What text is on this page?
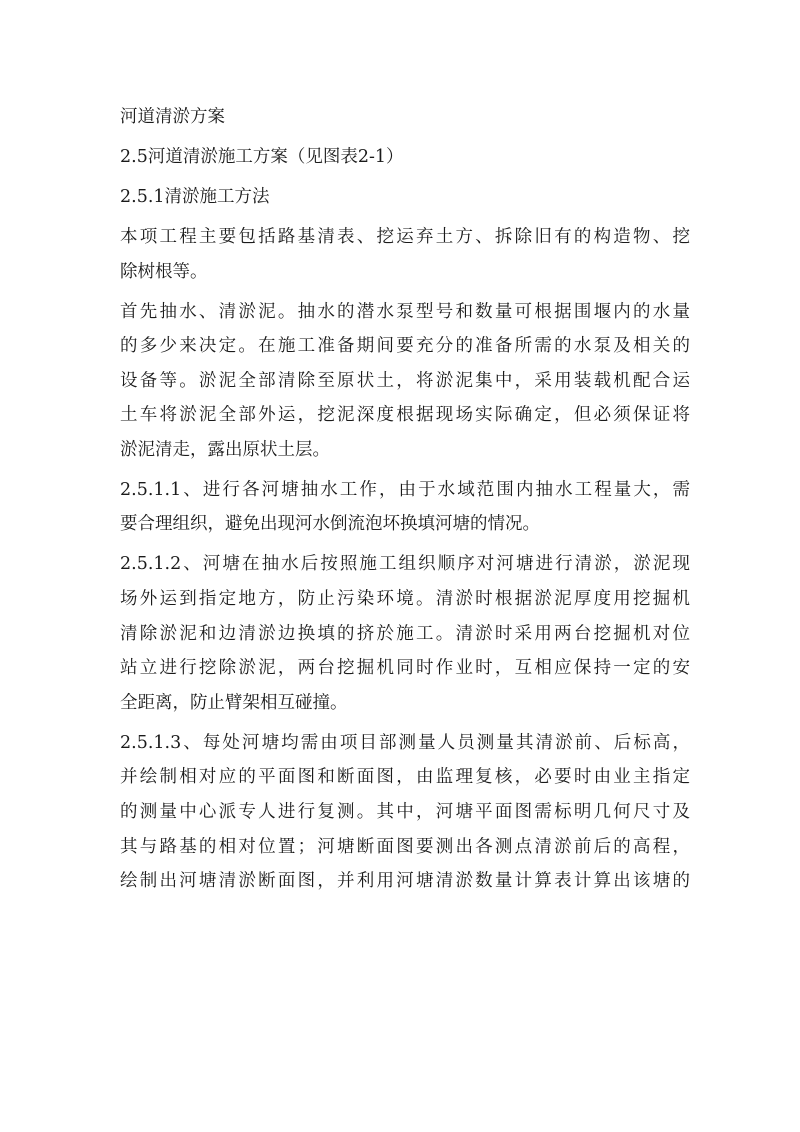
河道清淤方案

2.5河道清淤施工方案（见图表2-1）

2.5.1清淤施工方法

本项工程主要包括路基清表、挖运弃土方、拆除旧有的构造物、挖
除树根等。
首先抽水、清淤泥。抽水的潜水泵型号和数量可根据围堰内的水量
的多少来决定。在施工准备期间要充分的准备所需的水泵及相关的
设备等。淤泥全部清除至原状土，将淤泥集中，采用装载机配合运
土车将淤泥全部外运，挖泥深度根据现场实际确定，但必须保证将
淤泥清走，露出原状土层。
2.5.1.1、进行各河塘抽水工作，由于水域范围内抽水工程量大，需
要合理组织，避免出现河水倒流泡坏换填河塘的情况。
2.5.1.2、河塘在抽水后按照施工组织顺序对河塘进行清淤，淤泥现
场外运到指定地方，防止污染环境。清淤时根据淤泥厚度用挖掘机
清除淤泥和边清淤边换填的挤於施工。清淤时采用两台挖掘机对位
站立进行挖除淤泥，两台挖掘机同时作业时，互相应保持一定的安
全距离，防止臂架相互碰撞。
2.5.1.3、每处河塘均需由项目部测量人员测量其清淤前、后标高，
并绘制相对应的平面图和断面图，由监理复核，必要时由业主指定
的测量中心派专人进行复测。其中，河塘平面图需标明几何尺寸及
其与路基的相对位置；河塘断面图要测出各测点清淤前后的高程，
绘制出河塘清淤断面图，并利用河塘清淤数量计算表计算出该塘的
